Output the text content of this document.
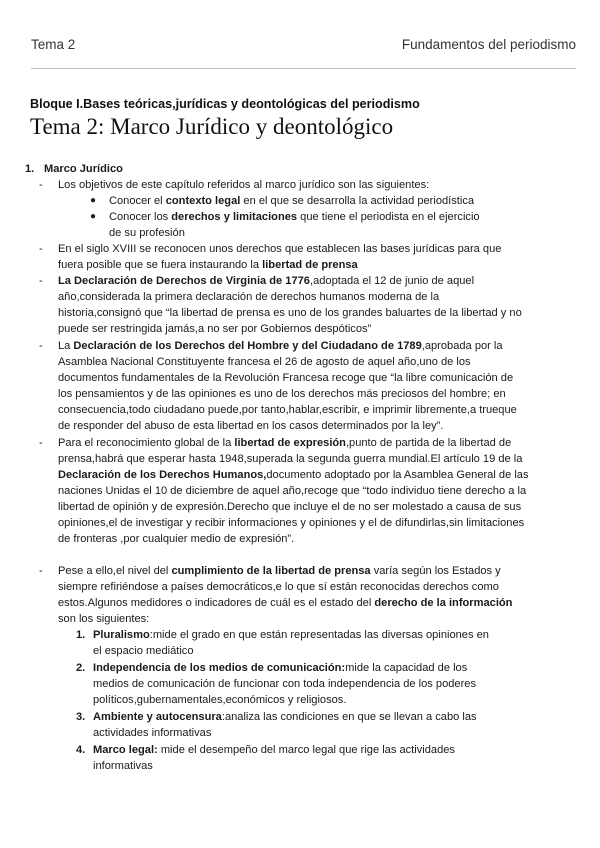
Tema 2	Fundamentos del periodismo
Bloque I.Bases teóricas,jurídicas y deontológicas del periodismo
Tema 2: Marco Jurídico y deontológico
1. Marco Jurídico
- Los objetivos de este capítulo referidos al marco jurídico son las siguientes:
● Conocer el contexto legal en el que se desarrolla la actividad periodística
● Conocer los derechos y limitaciones que tiene el periodista en el ejercicio
de su profesión
- En el siglo XVIII se reconocen unos derechos que establecen las bases jurídicas para que
fuera posible que se fuera instaurando la libertad de prensa
- La Declaración de Derechos de Virginia de 1776,adoptada el 12 de junio de aquel
año,considerada la primera declaración de derechos humanos moderna de la
historia,consignó que “la libertad de prensa es uno de los grandes baluartes de la libertad y no
puede ser restringida jamás,a no ser por Gobiernos despóticos”
- La Declaración de los Derechos del Hombre y del Ciudadano de 1789,aprobada por la
Asamblea Nacional Constituyente francesa el 26 de agosto de aquel año,uno de los
documentos fundamentales de la Revolución Francesa recoge que “la libre comunicación de
los pensamientos y de las opiniones es uno de los derechos más preciosos del hombre; en
consecuencia,todo ciudadano puede,por tanto,hablar,escribir, e imprimir libremente,a trueque
de responder del abuso de esta libertad en los casos determinados por la ley”.
- Para el reconocimiento global de la libertad de expresión,punto de partida de la libertad de
prensa,habrá que esperar hasta 1948,superada la segunda guerra mundial.El artículo 19 de la
Declaración de los Derechos Humanos,documento adoptado por la Asamblea General de las
naciones Unidas el 10 de diciembre de aquel año,recoge que “todo individuo tiene derecho a la
libertad de opinión y de expresión.Derecho que incluye el de no ser molestado a causa de sus
opiniones,el de investigar y recibir informaciones y opiniones y el de difundirlas,sin limitaciones
de fronteras ,por cualquier medio de expresión”.
- Pese a ello,el nivel del cumplimiento de la libertad de prensa varía según los Estados y
siempre refiriéndose a países democráticos,e lo que sí están reconocidas derechos como
estos.Algunos medidores o indicadores de cuál es el estado del derecho de la información
son los siguientes:
1. Pluralismo:mide el grado en que están representadas las diversas opiniones en
el espacio mediático
2. Independencia de los medios de comunicación:mide la capacidad de los
medios de comunicación de funcionar con toda independencia de los poderes
políticos,gubernamentales,económicos y religiosos.
3. Ambiente y autocensura:analiza las condiciones en que se llevan a cabo las
actividades informativas
4. Marco legal: mide el desempeño del marco legal que rige las actividades
informativas
